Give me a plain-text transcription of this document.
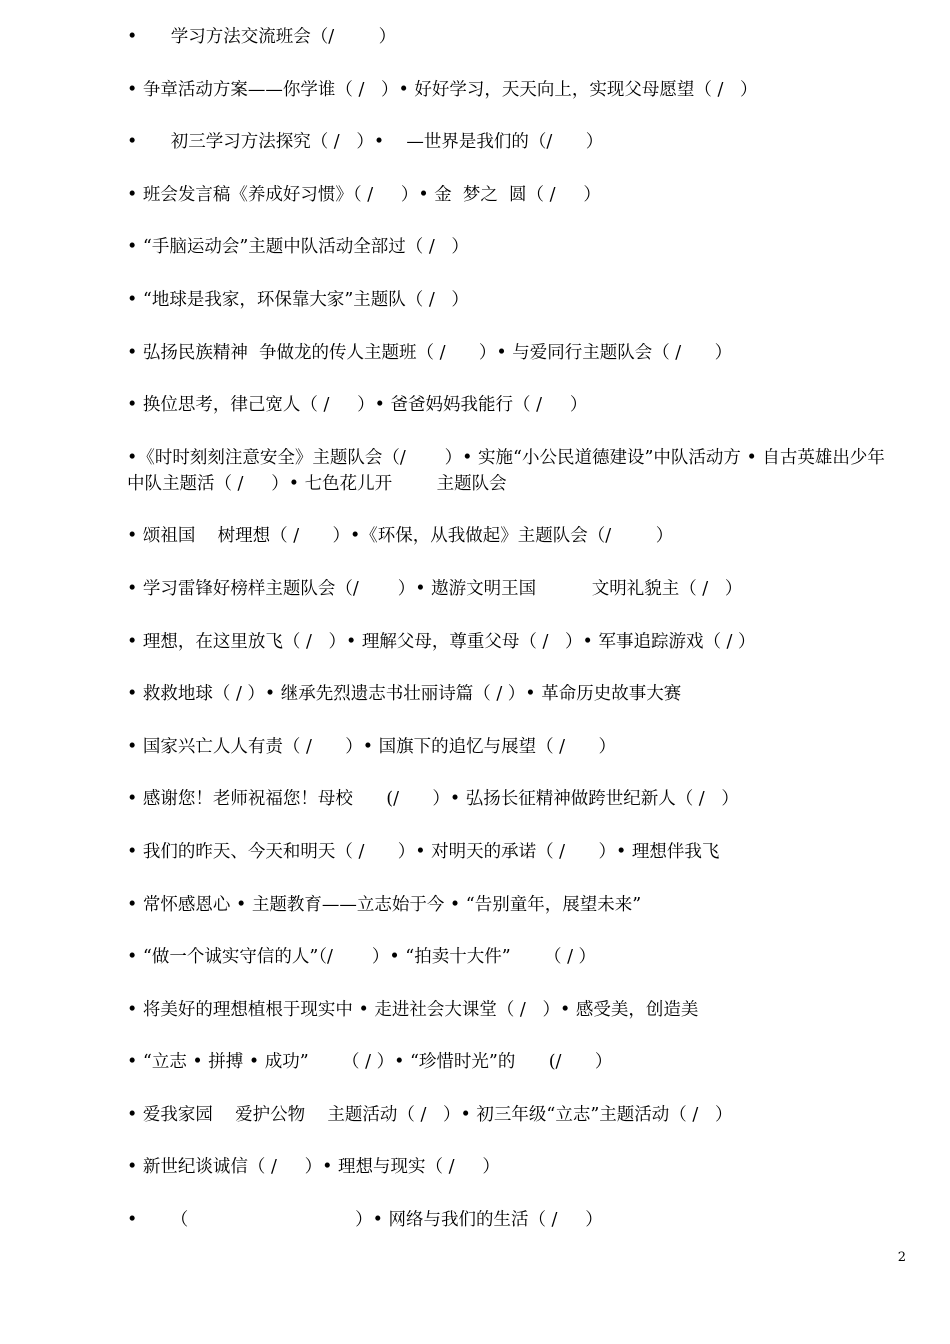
•      学习方法交流班会（/        ）
• 争章活动方案——你学谁（ /   ）• 好好学习，天天向上，实现父母愿望（ /   ）
•      初三学习方法探究（ /   ）•    —世界是我们的（/      ）
• 班会发言稿《养成好习惯》（ /     ）• 金  梦之  圆（ /     ）
• “手脑运动会”主题中队活动全部过（ /   ）
• “地球是我家，环保靠大家”主题队（ /   ）
• 弘扬民族精神  争做龙的传人主题班（ /      ）• 与爱同行主题队会（ /      ）
• 换位思考，律己宽人（ /     ）• 爸爸妈妈我能行（ /     ）
•《时时刻刻注意安全》主题队会（/       ）• 实施“小公民道德建设”中队活动方 • 自古英雄出少年        中队主题活（ /     ）• 七色花儿开        主题队会
• 颂祖国    树理想（ /      ）•《环保，从我做起》主题队会（/        ）
• 学习雷锋好榜样主题队会（/       ）• 遨游文明王国          文明礼貌主（ /   ）
• 理想，在这里放飞（ /   ）• 理解父母，尊重父母（ /   ）• 军事追踪游戏（ / ）
• 救救地球（ / ）• 继承先烈遗志书壮丽诗篇（ / ）• 革命历史故事大赛
• 国家兴亡人人有责（ /      ）• 国旗下的追忆与展望（ /      ）
• 感谢您！老师祝福您！母校      (/      ）• 弘扬长征精神做跨世纪新人（ /   ）
• 我们的昨天、今天和明天（ /      ）• 对明天的承诺（ /      ）• 理想伴我飞
• 常怀感恩心 • 主题教育——立志始于今 • “告别童年，展望未来”
• “做一个诚实守信的人”（/       ）• “拍卖十大件”      （ / ）
• 将美好的理想植根于现实中 • 走进社会大课堂（ /   ）• 感受美，创造美
• “立志 • 拼搏 • 成功”      （ / ）• “珍惜时光”的      (/      ）
• 爱我家园    爱护公物    主题活动（ /   ）• 初三年级“立志”主题活动（ /   ）
• 新世纪谈诚信（ /     ）• 理想与现实（ /     ）
•      （                              ）• 网络与我们的生活（ /     ）
2
